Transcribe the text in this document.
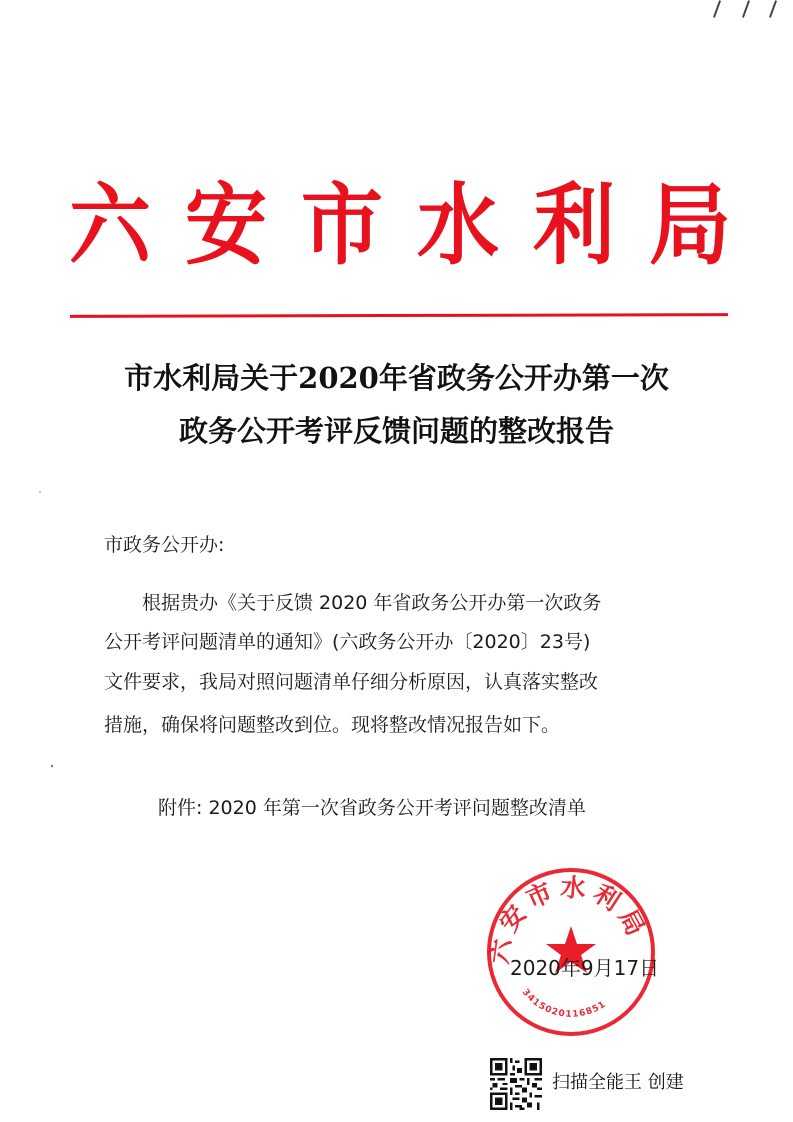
六 安 市 水 利 局
市水利局关于2020年省政务公开办第一次
政务公开考评反馈问题的整改报告
市政务公开办:
根据贵办《关于反馈 2020 年省政务公开办第一次政务
公开考评问题清单的通知》(六政务公开办〔2020〕23号)
文件要求，我局对照问题清单仔细分析原因，认真落实整改
措施，确保将问题整改到位。现将整改情况报告如下。
附件: 2020 年第一次省政务公开考评问题整改清单
六安市水利局
3415020116851
2020年9月17日
扫描全能王 创建
